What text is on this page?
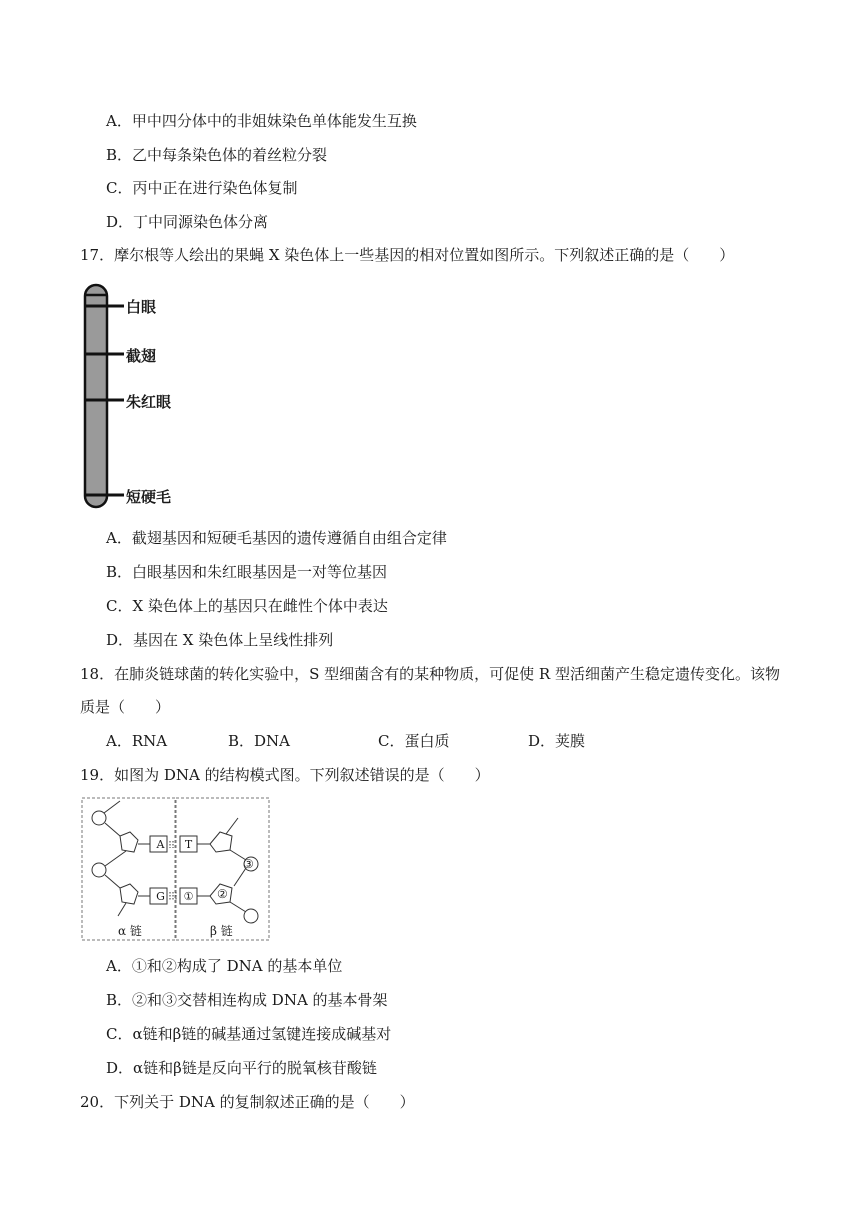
A．甲中四分体中的非姐妹染色单体能发生互换
B．乙中每条染色体的着丝粒分裂
C．丙中正在进行染色体复制
D．丁中同源染色体分离
17．摩尔根等人绘出的果蝇 X 染色体上一些基因的相对位置如图所示。下列叙述正确的是（　　）
白眼
截翅
朱红眼
短硬毛
A．截翅基因和短硬毛基因的遗传遵循自由组合定律
B．白眼基因和朱红眼基因是一对等位基因
C．X 染色体上的基因只在雌性个体中表达
D．基因在 X 染色体上呈线性排列
18．在肺炎链球菌的转化实验中，S 型细菌含有的某种物质，可促使 R 型活细菌产生稳定遗传变化。该物
质是（　　）
A．RNA	B．DNA	C．蛋白质	D．荚膜
19．如图为 DNA 的结构模式图。下列叙述错误的是（　　）
A
G
T
① ②
③
α 链	β 链
A．①和②构成了 DNA 的基本单位
B．②和③交替相连构成 DNA 的基本骨架
C．α链和β链的碱基通过氢键连接成碱基对
D．α链和β链是反向平行的脱氧核苷酸链
20．下列关于 DNA 的复制叙述正确的是（　　）
